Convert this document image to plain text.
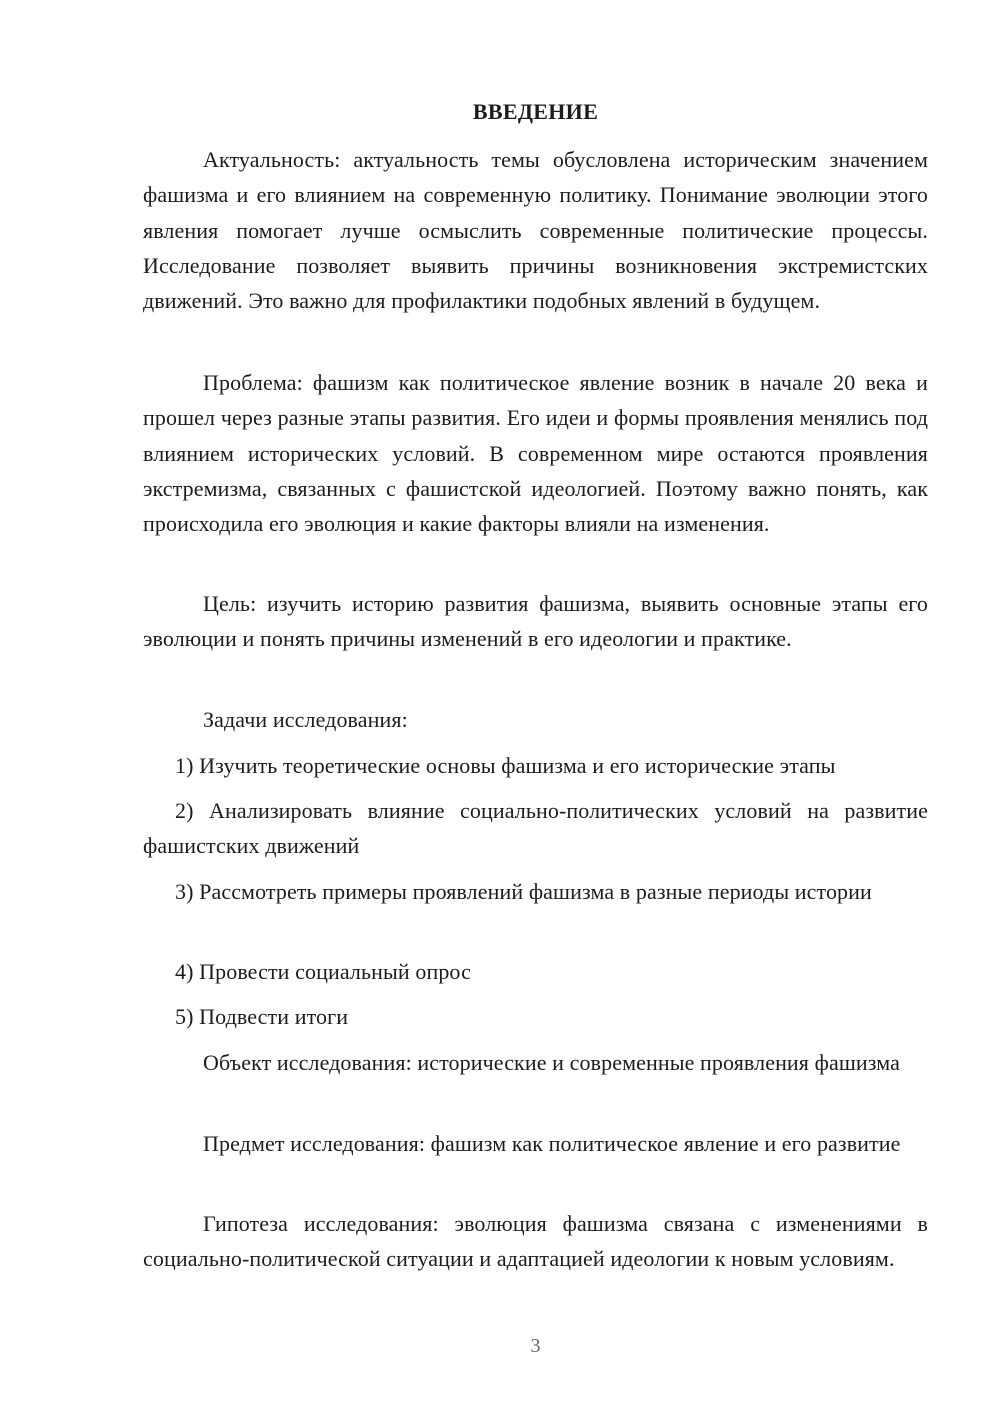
ВВЕДЕНИЕ

Актуальность: актуальность темы обусловлена историческим значением фашизма и его влиянием на современную политику. Понимание эволюции этого явления помогает лучше осмыслить современные политические процессы. Исследование позволяет выявить причины возникновения экстремистских движений. Это важно для профилактики подобных явлений в будущем.

Проблема: фашизм как политическое явление возник в начале 20 века и прошел через разные этапы развития. Его идеи и формы проявления менялись под влиянием исторических условий. В современном мире остаются проявления экстремизма, связанных с фашистской идеологией. Поэтому важно понять, как происходила его эволюция и какие факторы влияли на изменения.

Цель: изучить историю развития фашизма, выявить основные этапы его эволюции и понять причины изменений в его идеологии и практике.

Задачи исследования:

1) Изучить теоретические основы фашизма и его исторические этапы

2) Анализировать влияние социально-политических условий на развитие фашистских движений

3) Рассмотреть примеры проявлений фашизма в разные периоды истории

4) Провести социальный опрос

5) Подвести итоги

Объект исследования: исторические и современные проявления фашизма

Предмет исследования: фашизм как политическое явление и его развитие

Гипотеза исследования: эволюция фашизма связана с изменениями в социально-политической ситуации и адаптацией идеологии к новым условиям.

3
